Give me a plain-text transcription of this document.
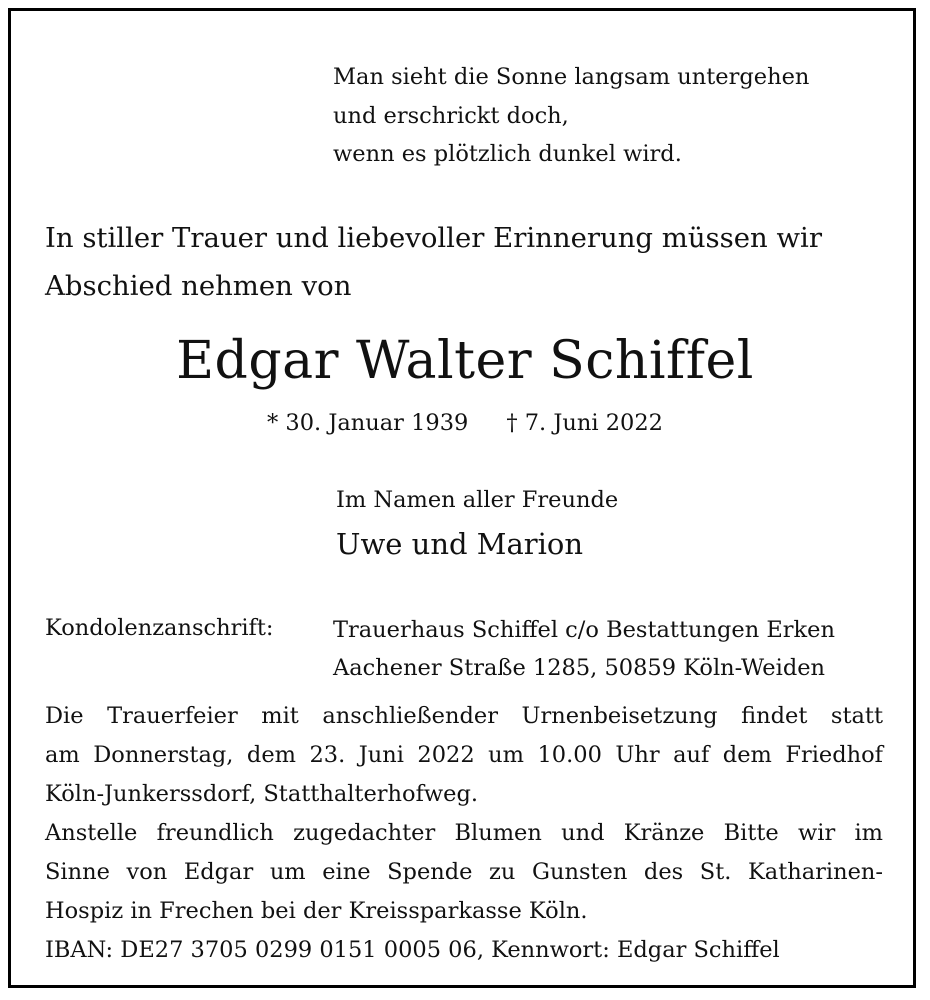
Man sieht die Sonne langsam untergehen
und erschrickt doch,
wenn es plötzlich dunkel wird.
In stiller Trauer und liebevoller Erinnerung müssen wir
Abschied nehmen von
Edgar Walter Schiffel
* 30. Januar 1939 † 7. Juni 2022
Im Namen aller Freunde
Uwe und Marion
Kondolenzanschrift:	Trauerhaus Schiffel c/o Bestattungen Erken
Aachener Straße 1285, 50859 Köln-Weiden

Die Trauerfeier mit anschließender Urnenbeisetzung findet statt

am Donnerstag, dem 23. Juni 2022 um 10.00 Uhr auf dem Friedhof

Köln-Junkerssdorf, Statthalterhofweg.

Anstelle freundlich zugedachter Blumen und Kränze Bitte wir im

Sinne von Edgar um eine Spende zu Gunsten des St. Katharinen-

Hospiz in Frechen bei der Kreissparkasse Köln.

IBAN: DE27 3705 0299 0151 0005 06, Kennwort: Edgar Schiffel
